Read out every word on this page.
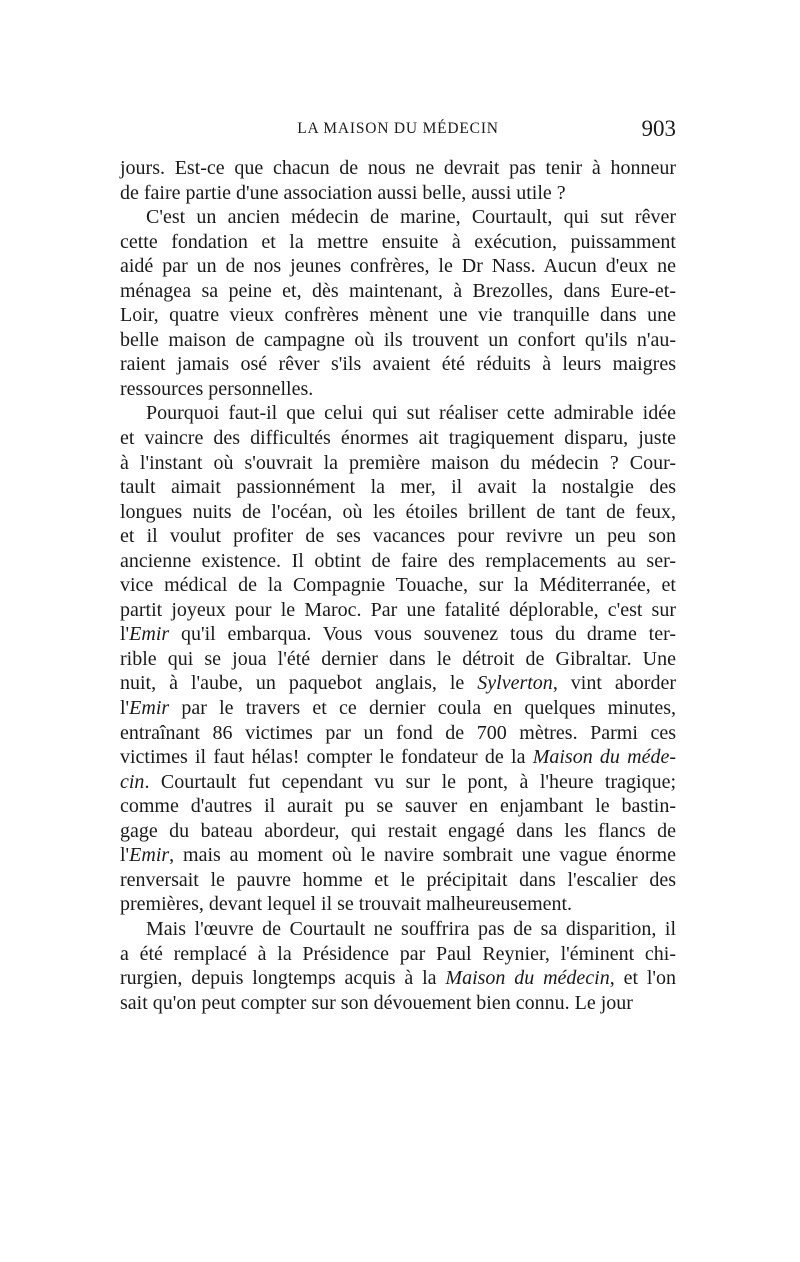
LA MAISON DU MÉDECIN	903
jours. Est-ce que chacun de nous ne devrait pas tenir à honneur
de faire partie d'une association aussi belle, aussi utile ?
C'est un ancien médecin de marine, Courtault, qui sut rêver
cette fondation et la mettre ensuite à exécution, puissamment
aidé par un de nos jeunes confrères, le Dr Nass. Aucun d'eux ne
ménagea sa peine et, dès maintenant, à Brezolles, dans Eure-et-
Loir, quatre vieux confrères mènent une vie tranquille dans une
belle maison de campagne où ils trouvent un confort qu'ils n'au-
raient jamais osé rêver s'ils avaient été réduits à leurs maigres
ressources personnelles.
Pourquoi faut-il que celui qui sut réaliser cette admirable idée
et vaincre des difficultés énormes ait tragiquement disparu, juste
à l'instant où s'ouvrait la première maison du médecin ? Cour-
tault aimait passionnément la mer, il avait la nostalgie des
longues nuits de l'océan, où les étoiles brillent de tant de feux,
et il voulut profiter de ses vacances pour revivre un peu son
ancienne existence. Il obtint de faire des remplacements au ser-
vice médical de la Compagnie Touache, sur la Méditerranée, et
partit joyeux pour le Maroc. Par une fatalité déplorable, c'est sur
l'Emir qu'il embarqua. Vous vous souvenez tous du drame ter-
rible qui se joua l'été dernier dans le détroit de Gibraltar. Une
nuit, à l'aube, un paquebot anglais, le Sylverton, vint aborder
l'Emir par le travers et ce dernier coula en quelques minutes,
entraînant 86 victimes par un fond de 700 mètres. Parmi ces
victimes il faut hélas! compter le fondateur de la Maison du méde-
cin. Courtault fut cependant vu sur le pont, à l'heure tragique;
comme d'autres il aurait pu se sauver en enjambant le bastin-
gage du bateau abordeur, qui restait engagé dans les flancs de
l'Emir, mais au moment où le navire sombrait une vague énorme
renversait le pauvre homme et le précipitait dans l'escalier des
premières, devant lequel il se trouvait malheureusement.
Mais l'œuvre de Courtault ne souffrira pas de sa disparition, il
a été remplacé à la Présidence par Paul Reynier, l'éminent chi-
rurgien, depuis longtemps acquis à la Maison du médecin, et l'on
sait qu'on peut compter sur son dévouement bien connu. Le jour
